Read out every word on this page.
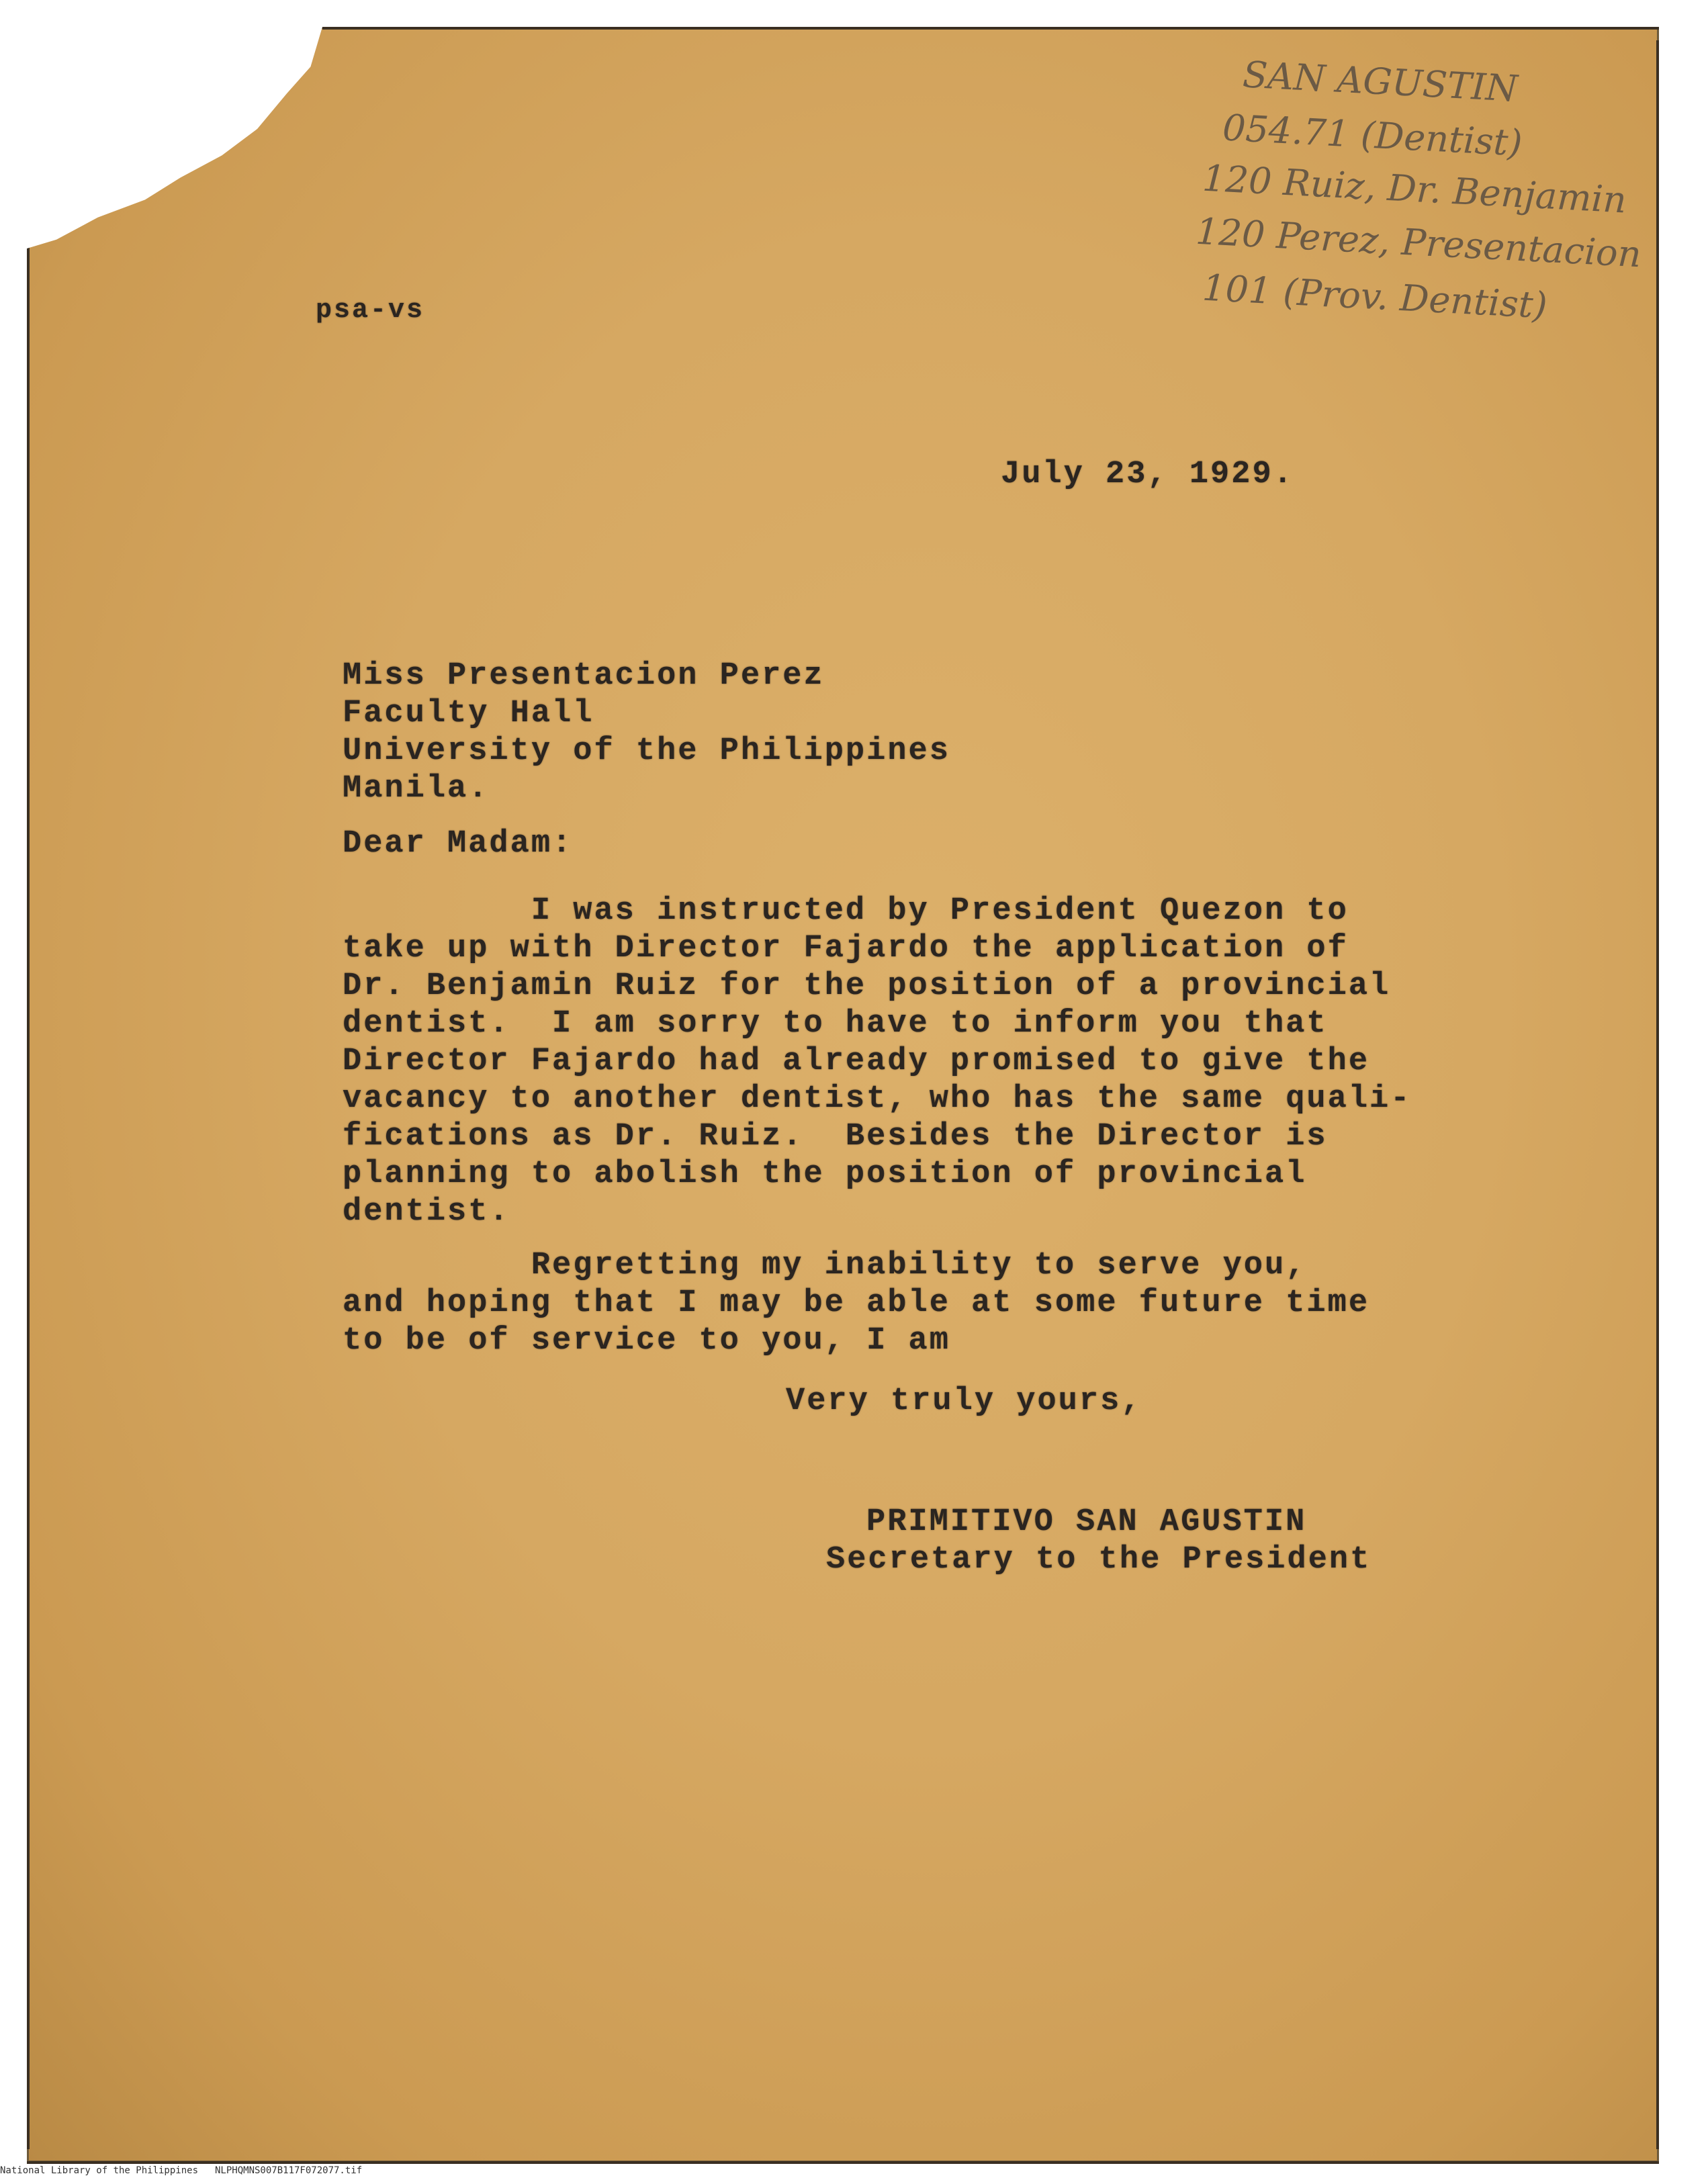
SAN AGUSTIN
054.71 (Dentist)
120 Ruiz, Dr. Benjamin
120 Perez, Presentacion
101 (Prov. Dentist)
psa-vs
July 23, 1929.
Miss Presentacion Perez
Faculty Hall
University of the Philippines
Manila.
Dear Madam:
I was instructed by President Quezon to
take up with Director Fajardo the application of
Dr. Benjamin Ruiz for the position of a provincial
dentist.  I am sorry to have to inform you that
Director Fajardo had already promised to give the
vacancy to another dentist, who has the same quali-
fications as Dr. Ruiz.  Besides the Director is
planning to abolish the position of provincial
dentist.
Regretting my inability to serve you,
and hoping that I may be able at some future time
to be of service to you, I am
Very truly yours,
PRIMITIVO SAN AGUSTIN
Secretary to the President
National Library of the Philippines NLPHQMNS007B117F072077.tif
